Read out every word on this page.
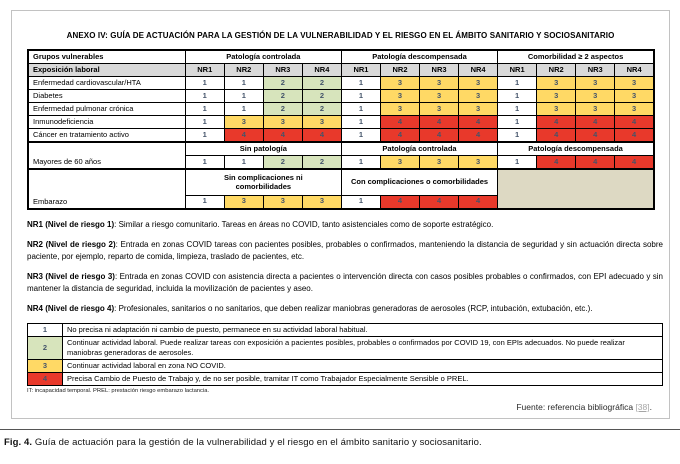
ANEXO IV: GUÍA DE ACTUACIÓN PARA LA GESTIÓN DE LA VULNERABILIDAD Y EL RIESGO EN EL ÁMBITO SANITARIO Y SOCIOSANITARIO
Grupos vulnerables	Patología controlada				Patología descompensada				Comorbilidad ≥ 2 aspectos			
Exposición laboral	NR1	NR2	NR3	NR4	NR1	NR2	NR3	NR4	NR1	NR2	NR3	NR4
Enfermedad cardiovascular/HTA	1	1	2	2	1	3	3	3	1	3	3	3
Diabetes	1	1	2	2	1	3	3	3	1	3	3	3
Enfermedad pulmonar crónica	1	1	2	2	1	3	3	3	1	3	3	3
Inmunodeficiencia	1	3	3	3	1	4	4	4	1	4	4	4
Cáncer en tratamiento activo	1	4	4	4	1	4	4	4	1	4	4	4
Mayores de 60 años	Sin patología				Patología controlada				Patología descompensada			
	1	1	2	2	1	3	3	3	1	4	4	4
Embarazo	Sin complicaciones ni comorbilidades				Con complicaciones o comorbilidades							
	1	3	3	3	1	4	4	4				

NR1 (Nivel de riesgo 1): Similar a riesgo comunitario. Tareas en áreas no COVID, tanto asistenciales como de soporte estratégico.

NR2 (Nivel de riesgo 2): Entrada en zonas COVID tareas con pacientes posibles, probables o confirmados, manteniendo la distancia de seguridad y sin actuación directa sobre paciente, por ejemplo, reparto de comida, limpieza, traslado de pacientes, etc.

NR3 (Nivel de riesgo 3): Entrada en zonas COVID con asistencia directa a pacientes o intervención directa con casos posibles probables o confirmados, con EPI adecuado y sin mantener la distancia de seguridad, incluida la movilización de pacientes y aseo.

NR4 (Nivel de riesgo 4): Profesionales, sanitarios o no sanitarios, que deben realizar maniobras generadoras de aerosoles (RCP, intubación, extubación, etc.).

1	No precisa ni adaptación ni cambio de puesto, permanece en su actividad laboral habitual.
2	Continuar actividad laboral. Puede realizar tareas con exposición a pacientes posibles, probables o confirmados por COVID 19, con EPIs adecuados. No puede realizar maniobras generadoras de aerosoles.
3	Continuar actividad laboral en zona NO COVID.
4	Precisa Cambio de Puesto de Trabajo y, de no ser posible, tramitar IT como Trabajador Especialmente Sensible o PREL.
IT: incapacidad temporal. PREL: prestación riesgo embarazo lactancia.
Fuente: referencia bibliográfica [38].
Fig. 4. Guía de actuación para la gestión de la vulnerabilidad y el riesgo en el ámbito sanitario y sociosanitario.
